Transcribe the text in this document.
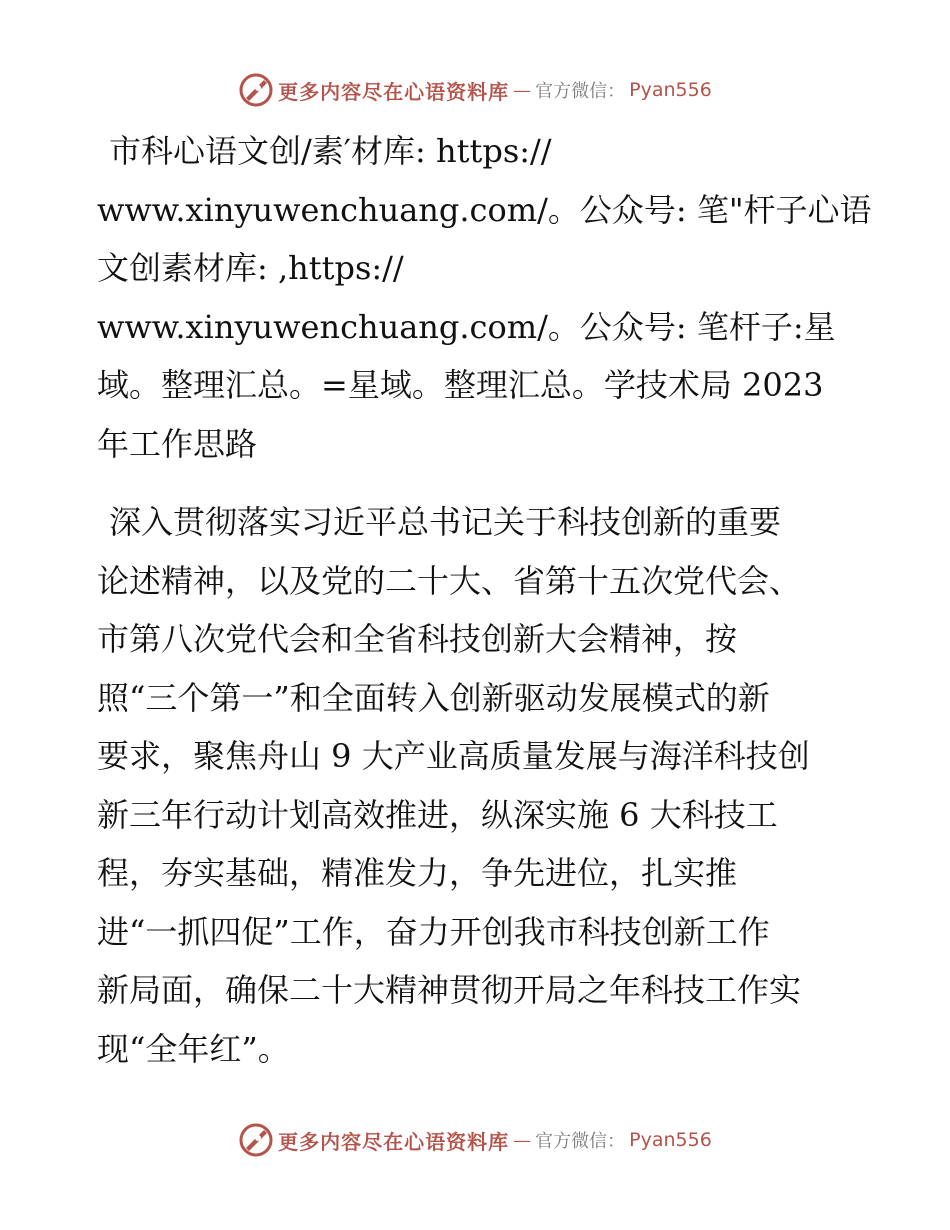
更多内容尽在心语资料库 — 官方微信： Pyan556
市科心语文创/素′材库: https://
www.xinyuwenchuang.com/。公众号: 笔"杆子心语
文创素材库: ,https://
www.xinyuwenchuang.com/。公众号: 笔杆子:星
域。整理汇总。=星域。整理汇总。学技术局 2023
年工作思路
深入贯彻落实习近平总书记关于科技创新的重要
论述精神，以及党的二十大、省第十五次党代会、
市第八次党代会和全省科技创新大会精神，按
照“三个第一”和全面转入创新驱动发展模式的新
要求，聚焦舟山 9 大产业高质量发展与海洋科技创
新三年行动计划高效推进，纵深实施 6 大科技工
程，夯实基础，精准发力，争先进位，扎实推
进“一抓四促”工作，奋力开创我市科技创新工作
新局面，确保二十大精神贯彻开局之年科技工作实
现“全年红”。
更多内容尽在心语资料库 — 官方微信： Pyan556
